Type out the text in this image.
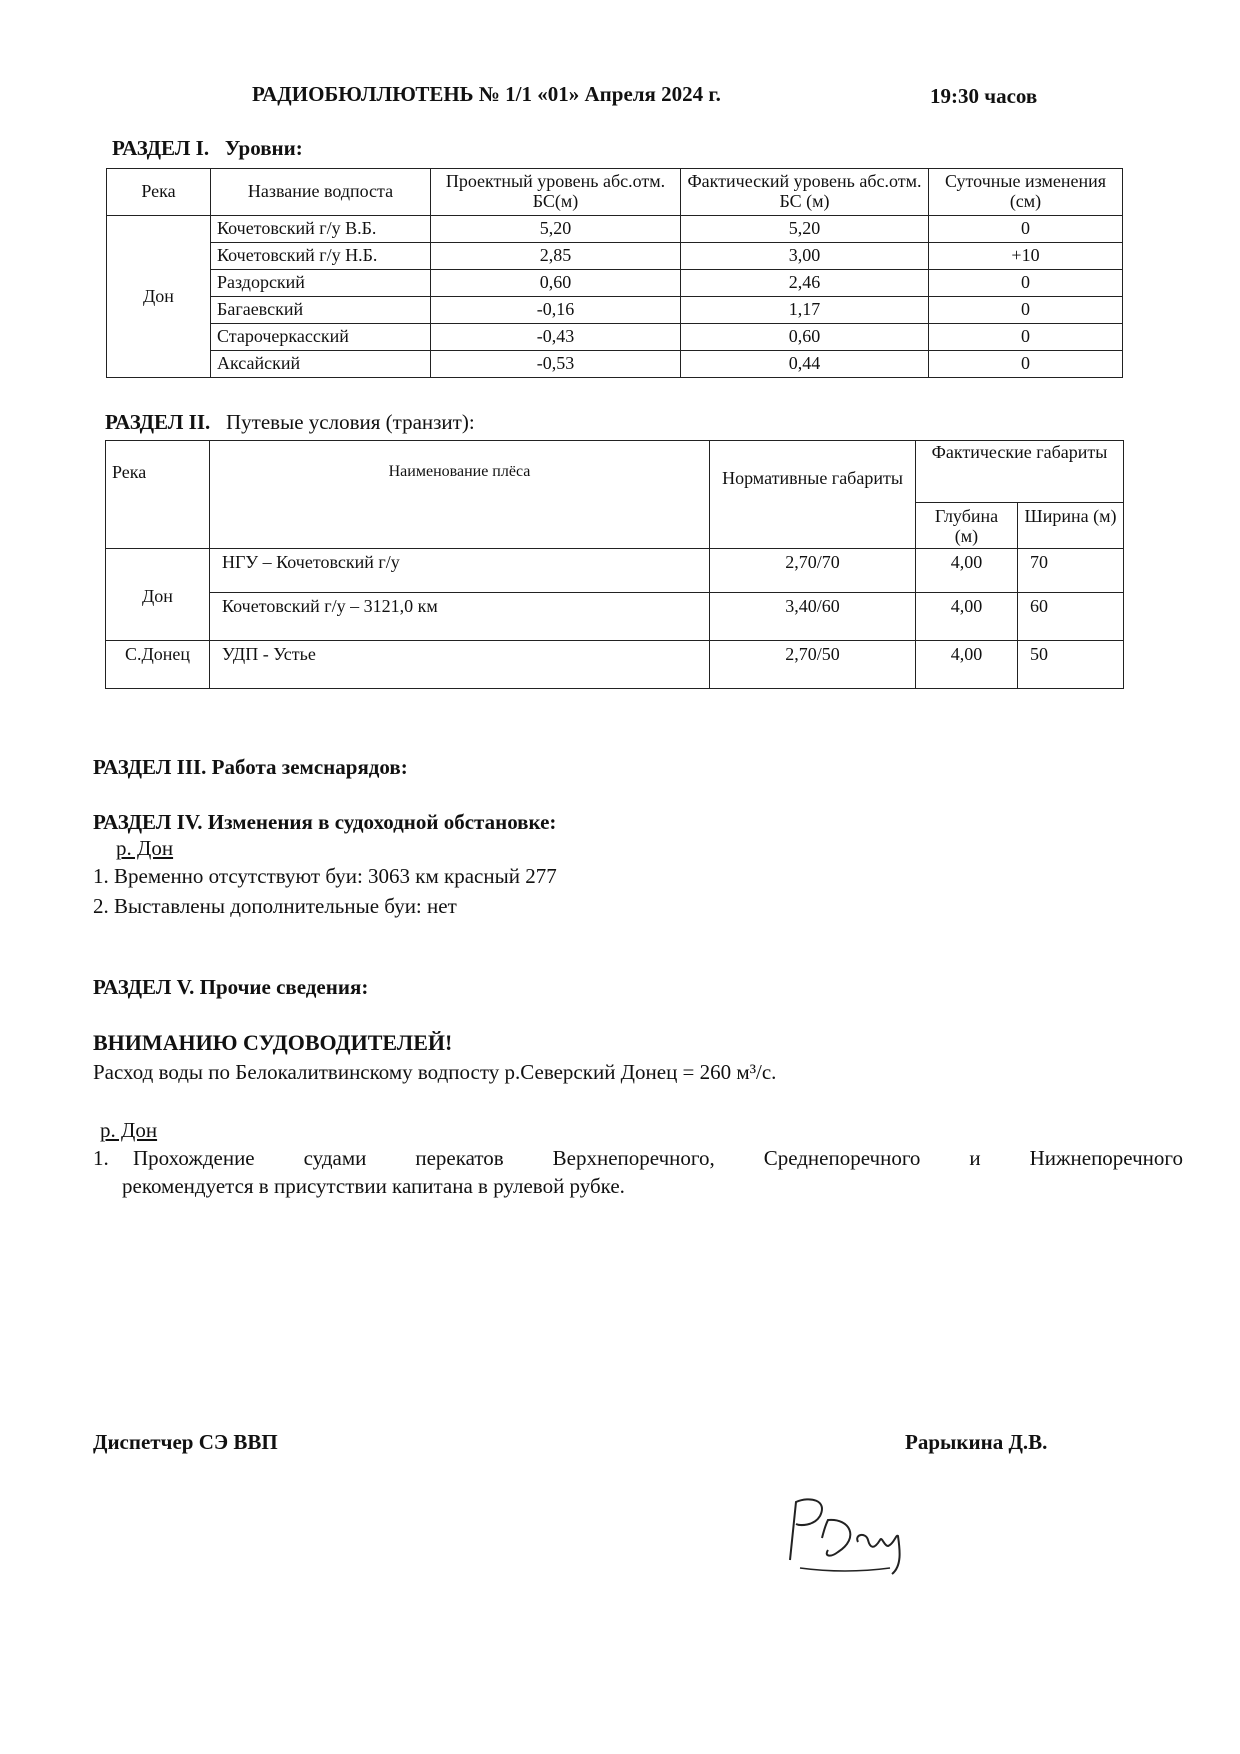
РАДИОБЮЛЛЮТЕНЬ № 1/1 «01» Апреля 2024 г.	19:30 часов
РАЗДЕЛ I. Уровни:
Река	Название водпоста	Проектный уровень абс.отм. БС(м)	Фактический уровень абс.отм. БС (м)	Суточные изменения (см)
Дон	Кочетовский г/у В.Б.	5,20	5,20	0
	Кочетовский г/у Н.Б.	2,85	3,00	+10
	Раздорский	0,60	2,46	0
	Багаевский	-0,16	1,17	0
	Старочеркасский	-0,43	0,60	0
	Аксайский	-0,53	0,44	0
РАЗДЕЛ II. Путевые условия (транзит):
Река	Наименование плёса	Нормативные габариты	Фактические габариты	
			Глубина (м)	Ширина (м)
Дон	НГУ – Кочетовский г/у	2,70/70	4,00	70
	Кочетовский г/у – 3121,0 км	3,40/60	4,00	60
С.Донец	УДП - Устье	2,70/50	4,00	50
РАЗДЕЛ III. Работа земснарядов:
РАЗДЕЛ IV. Изменения в судоходной обстановке:
р. Дон
1. Временно отсутствуют буи: 3063 км красный 277
2. Выставлены дополнительные буи: нет
РАЗДЕЛ V. Прочие сведения:
ВНИМАНИЮ СУДОВОДИТЕЛЕЙ!
Расход воды по Белокалитвинскому водпосту р.Северский Донец = 260 м³/с.
р. Дон
1. Прохождение судами перекатов Верхнепоречного, Среднепоречного и Нижнепоречного
рекомендуется в присутствии капитана в рулевой рубке.
Диспетчер СЭ ВВП	Рарыкина Д.В.
